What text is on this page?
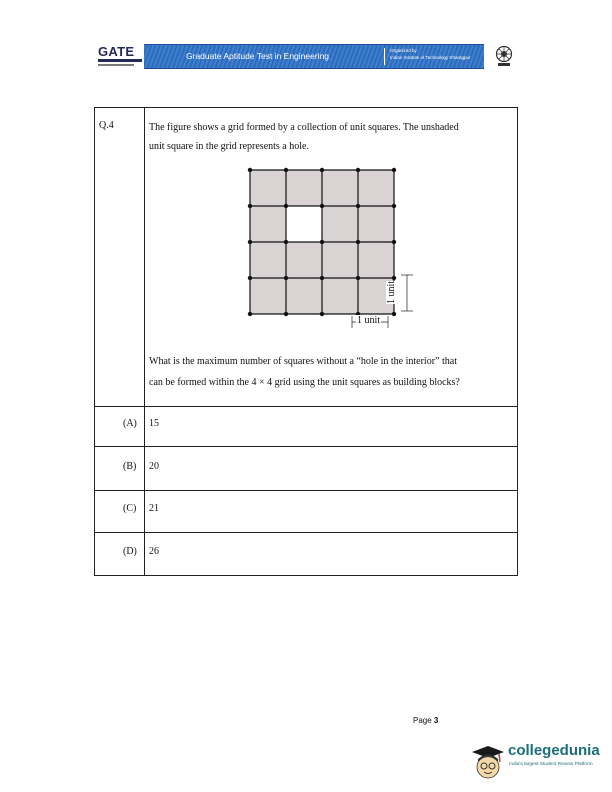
GATE	Graduate Aptitude Test in Engineering
Organized by
Indian Institute of Technology Kharagpur
Q.4	The figure shows a grid formed by a collection of unit squares. The unshaded
unit square in the grid represents a hole.
1 unit
1 unit
What is the maximum number of squares without a “hole in the interior” that
can be formed within the 4 × 4 grid using the unit squares as building blocks?
(A) 15
(B) 20
(C) 21
(D) 26
Page 3
collegedunia
India's largest Student Review Platform
